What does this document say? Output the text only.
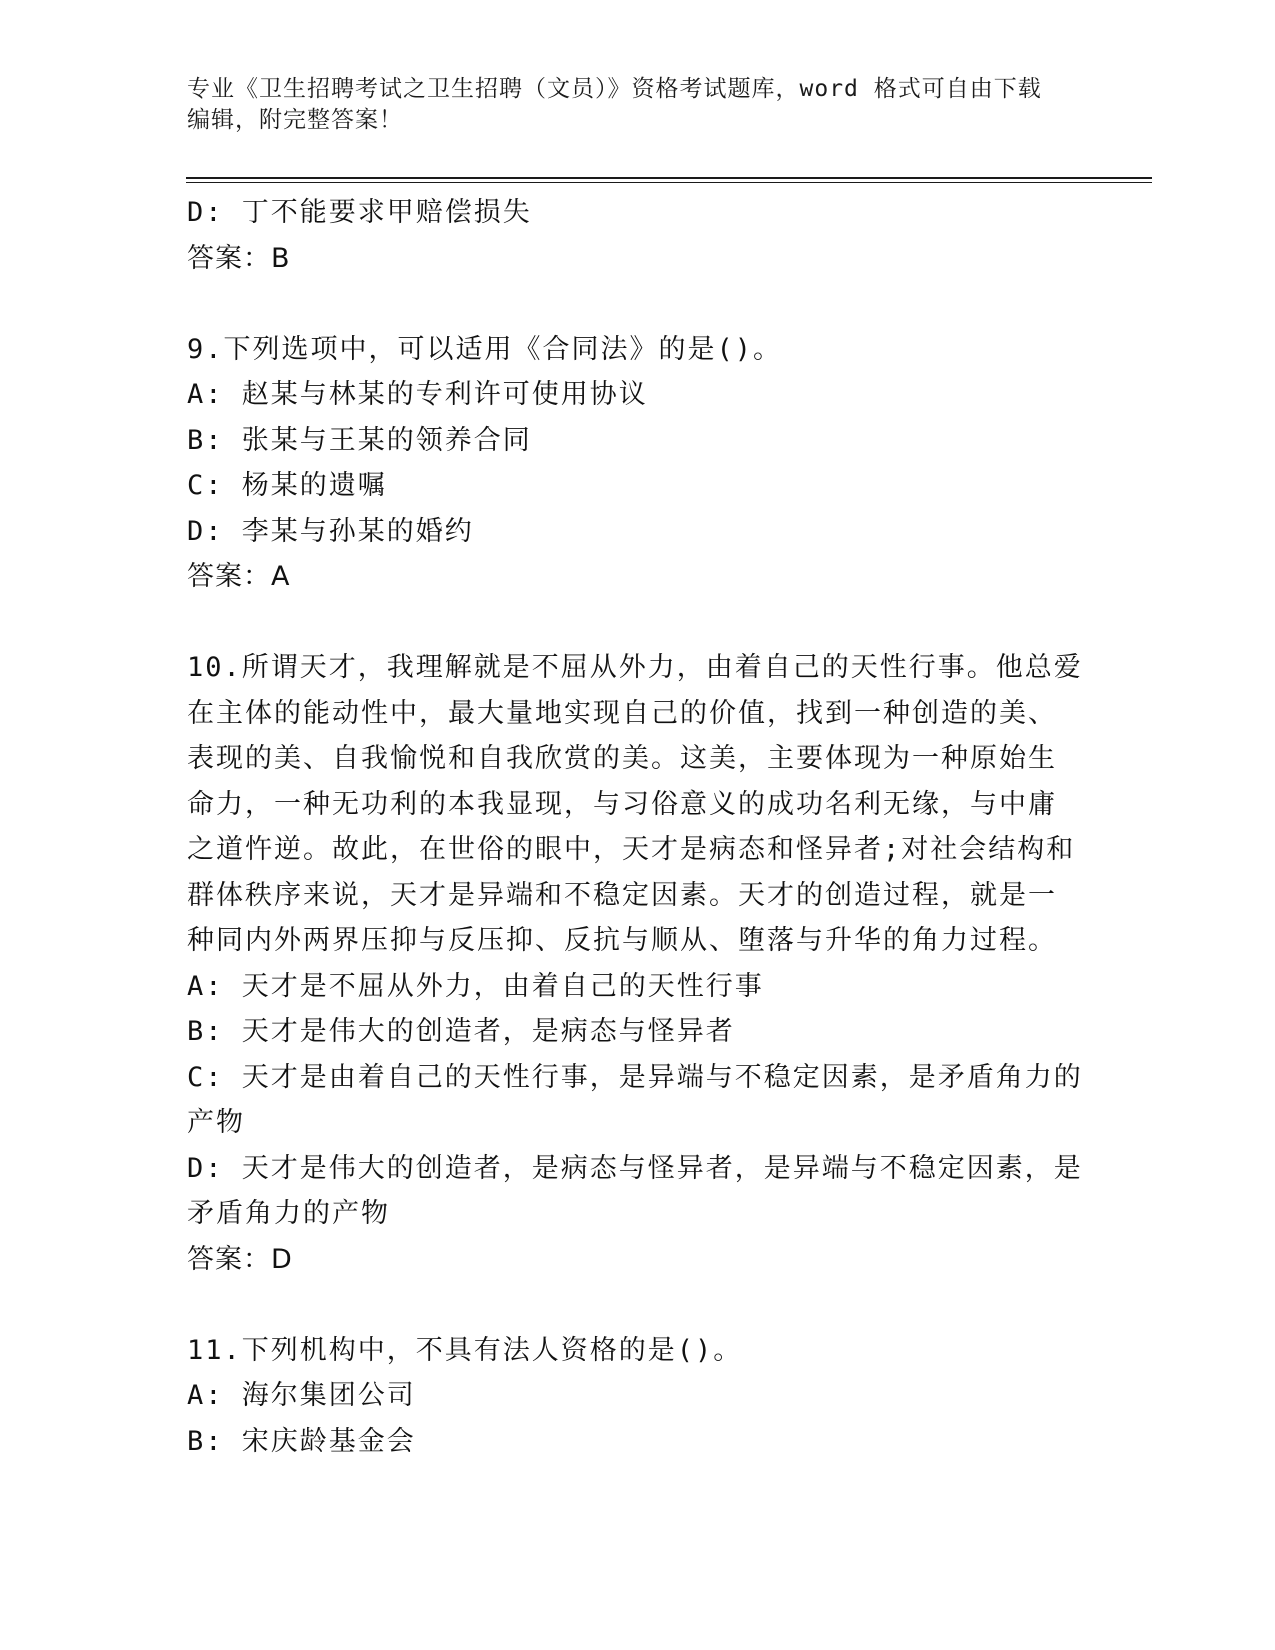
专业《卫生招聘考试之卫生招聘（文员）》资格考试题库，word 格式可自由下载
编辑，附完整答案！
D: 丁不能要求甲赔偿损失
答案：B
9.下列选项中，可以适用《合同法》的是()。
A: 赵某与林某的专利许可使用协议
B: 张某与王某的领养合同
C: 杨某的遗嘱
D: 李某与孙某的婚约
答案：A
10.所谓天才，我理解就是不屈从外力，由着自己的天性行事。他总爱
在主体的能动性中，最大量地实现自己的价值，找到一种创造的美、
表现的美、自我愉悦和自我欣赏的美。这美，主要体现为一种原始生
命力，一种无功利的本我显现，与习俗意义的成功名利无缘，与中庸
之道忤逆。故此，在世俗的眼中，天才是病态和怪异者;对社会结构和
群体秩序来说，天才是异端和不稳定因素。天才的创造过程，就是一
种同内外两界压抑与反压抑、反抗与顺从、堕落与升华的角力过程。
A: 天才是不屈从外力，由着自己的天性行事
B: 天才是伟大的创造者，是病态与怪异者
C: 天才是由着自己的天性行事，是异端与不稳定因素，是矛盾角力的
产物
D: 天才是伟大的创造者，是病态与怪异者，是异端与不稳定因素，是
矛盾角力的产物
答案：D
11.下列机构中，不具有法人资格的是()。
A: 海尔集团公司
B: 宋庆龄基金会
